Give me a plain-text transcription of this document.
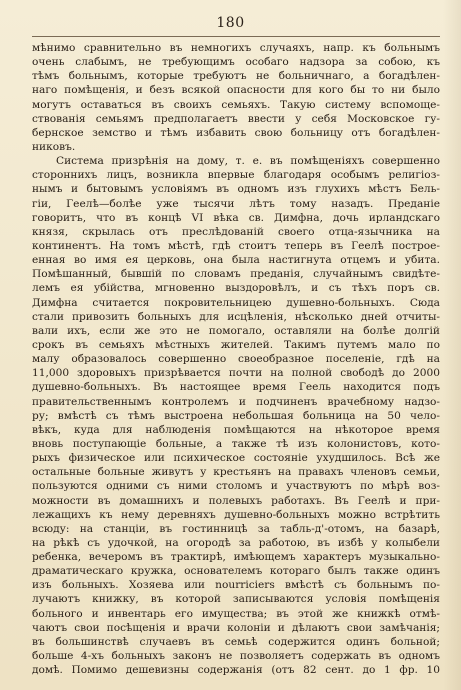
180
мѣнимо сравнительно въ немногихъ случаяхъ, напр. къ больнымъ
очень слабымъ, не требующимъ особаго надзора за собою, къ
тѣмъ больнымъ, которые требуютъ не больничнаго, а богадѣлен-
наго помѣщенія, и безъ всякой опасности для кого бы то ни было
могутъ оставаться въ своихъ семьяхъ. Такую систему вспомоще-
ствованія семьямъ предполагаетъ ввести у себя Московское гу-
бернское земство и тѣмъ избавить свою больницу отъ богадѣлен-
никовъ.
Система призрѣнія на дому, т. е. въ помѣщеніяхъ совершенно
стороннихъ лицъ, возникла впервые благодаря особымъ религіоз-
нымъ и бытовымъ условіямъ въ одномъ изъ глухихъ мѣстъ Бель-
гіи, Геелѣ—болѣе уже тысячи лѣтъ тому назадъ. Преданіе
говоритъ, что въ концѣ VI вѣка св. Димфна, дочь ирландскаго
князя, скрылась отъ преслѣдованій своего отца-язычника на
континентъ. На томъ мѣстѣ, гдѣ стоитъ теперь въ Геелѣ построе-
енная во имя ея церковь, она была настигнута отцемъ и убита.
Помѣшанный, бывшій по словамъ преданія, случайнымъ свидѣте-
лемъ ея убійства, мгновенно выздоровѣлъ, и съ тѣхъ поръ св.
Димфна считается покровительницею душевно-больныхъ. Сюда
стали привозить больныхъ для исцѣленія, нѣсколько дней отчиты-
вали ихъ, если же это не помогало, оставляли на болѣе долгій
срокъ въ семьяхъ мѣстныхъ жителей. Такимъ путемъ мало по
малу образовалось совершенно своеобразное поселеніе, гдѣ на
11,000 здоровыхъ призрѣвается почти на полной свободѣ до 2000
душевно-больныхъ. Въ настоящее время Геель находится подъ
правительственнымъ контролемъ и подчиненъ врачебному надзо-
ру; вмѣстѣ съ тѣмъ выстроена небольшая больница на 50 чело-
вѣкъ, куда для наблюденія помѣщаются на нѣкоторое время
вновь поступающіе больные, а также тѣ изъ колонистовъ, кото-
рыхъ физическое или психическое состояніе ухудшилось. Всѣ же
остальные больные живутъ у крестьянъ на правахъ членовъ семьи,
пользуются одними съ ними столомъ и участвуютъ по мѣрѣ воз-
можности въ домашнихъ и полевыхъ работахъ. Въ Геелѣ и при-
лежащихъ къ нему деревняхъ душевно-больныхъ можно встрѣтить
всюду: на станціи, въ гостинницѣ за табль-д'-отомъ, на базарѣ,
на рѣкѣ съ удочкой, на огородѣ за работою, въ избѣ у колыбели
ребенка, вечеромъ въ трактирѣ, имѣющемъ характеръ музыкально-
драматическаго кружка, основателемъ котораго былъ также одинъ
изъ больныхъ. Хозяева или nourriciers вмѣстѣ съ больнымъ по-
лучаютъ книжку, въ которой записываются условія помѣщенія
больного и инвентарь его имущества; въ этой же книжкѣ отмѣ-
чаютъ свои посѣщенія и врачи колоніи и дѣлаютъ свои замѣчанія;
въ большинствѣ случаевъ въ семьѣ содержится одинъ больной;
больше 4-хъ больныхъ законъ не позволяетъ содержать въ одномъ
домѣ. Помимо дешевизны содержанія (отъ 82 сент. до 1 фр. 10
